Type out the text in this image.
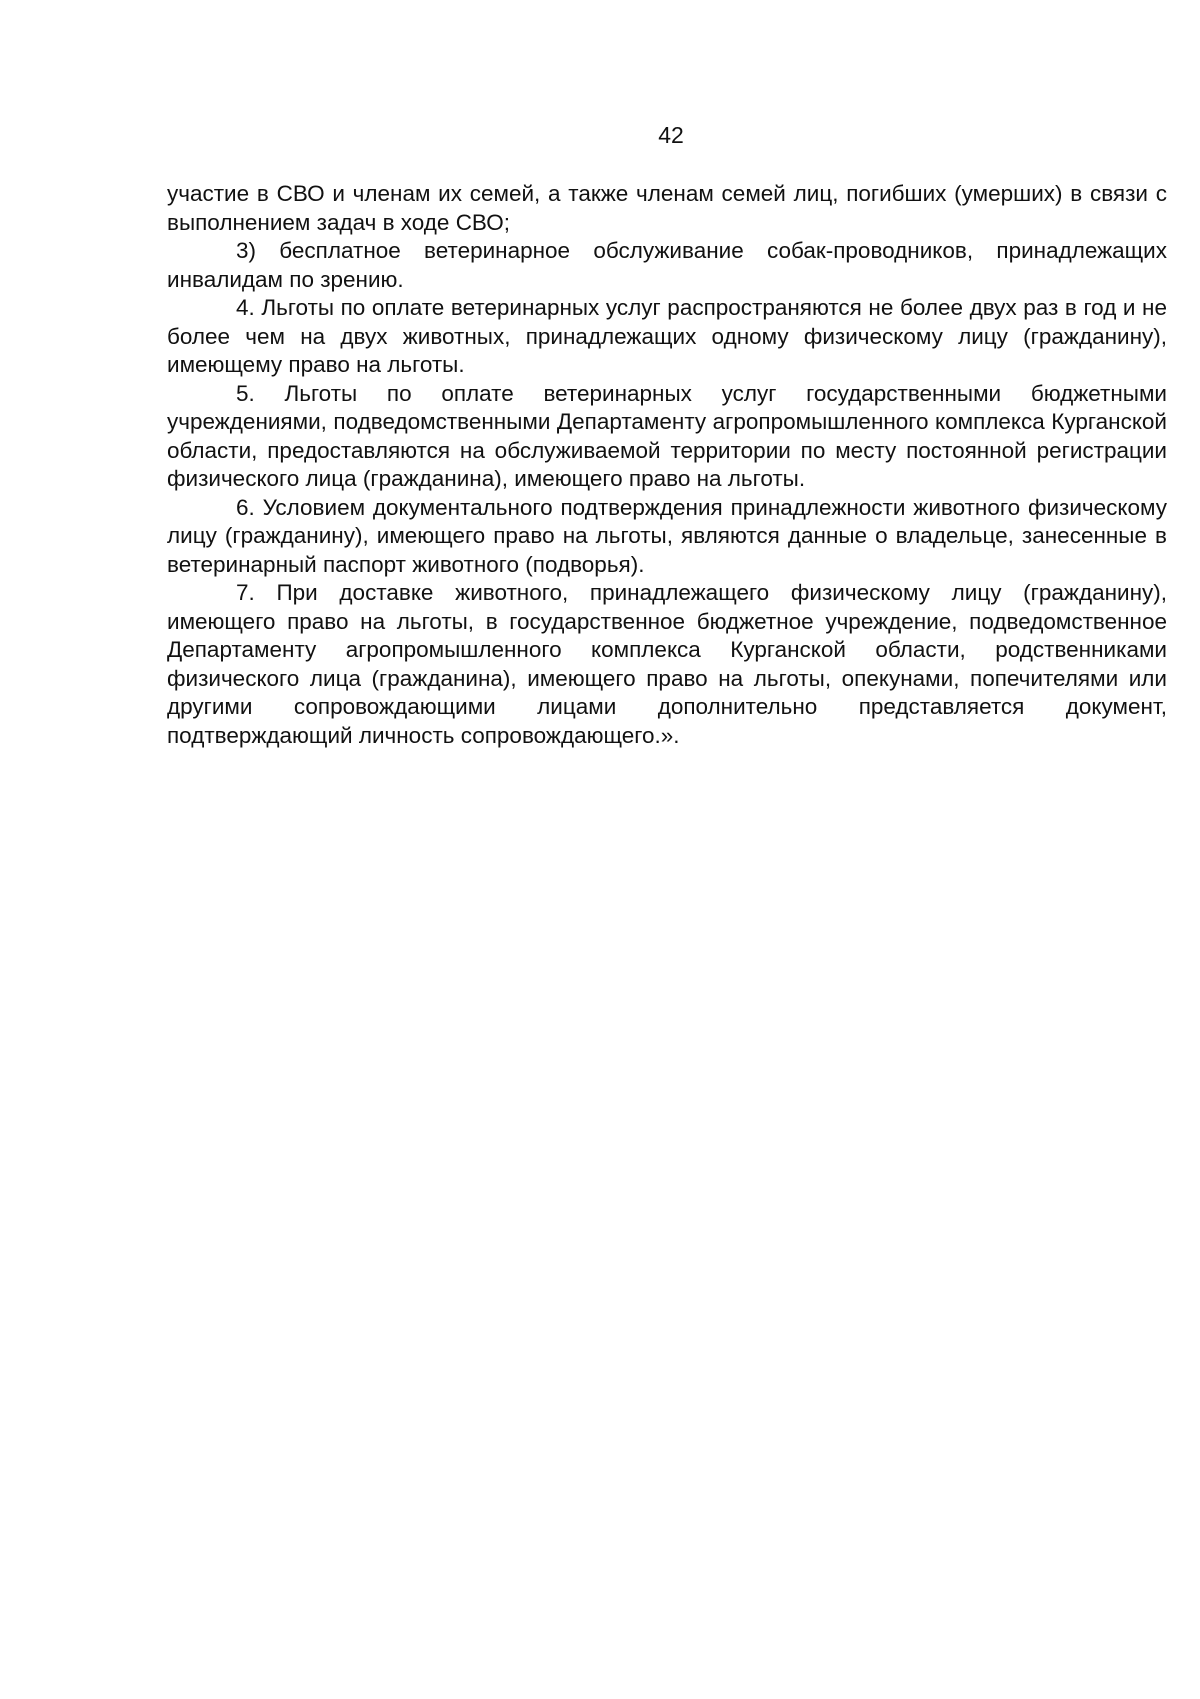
42

участие в СВО и членам их семей, а также членам семей лиц, погибших (умерших) в связи с выполнением задач в ходе СВО;

3) бесплатное ветеринарное обслуживание собак-проводников, принадлежащих инвалидам по зрению.

4. Льготы по оплате ветеринарных услуг распространяются не более двух раз в год и не более чем на двух животных, принадлежащих одному физическому лицу (гражданину), имеющему право на льготы.

5. Льготы по оплате ветеринарных услуг государственными бюджетными учреждениями, подведомственными Департаменту агропромышленного комплекса Курганской области, предоставляются на обслуживаемой территории по месту постоянной регистрации физического лица (гражданина), имеющего право на льготы.

6. Условием документального подтверждения принадлежности животного физическому лицу (гражданину), имеющего право на льготы, являются данные о владельце, занесенные в ветеринарный паспорт животного (подворья).

7. При доставке животного, принадлежащего физическому лицу (гражданину), имеющего право на льготы, в государственное бюджетное учреждение, подведомственное Департаменту агропромышленного комплекса Курганской области, родственниками физического лица (гражданина), имеющего право на льготы, опекунами, попечителями или другими сопровождающими лицами дополнительно представляется документ, подтверждающий личность сопровождающего.».
